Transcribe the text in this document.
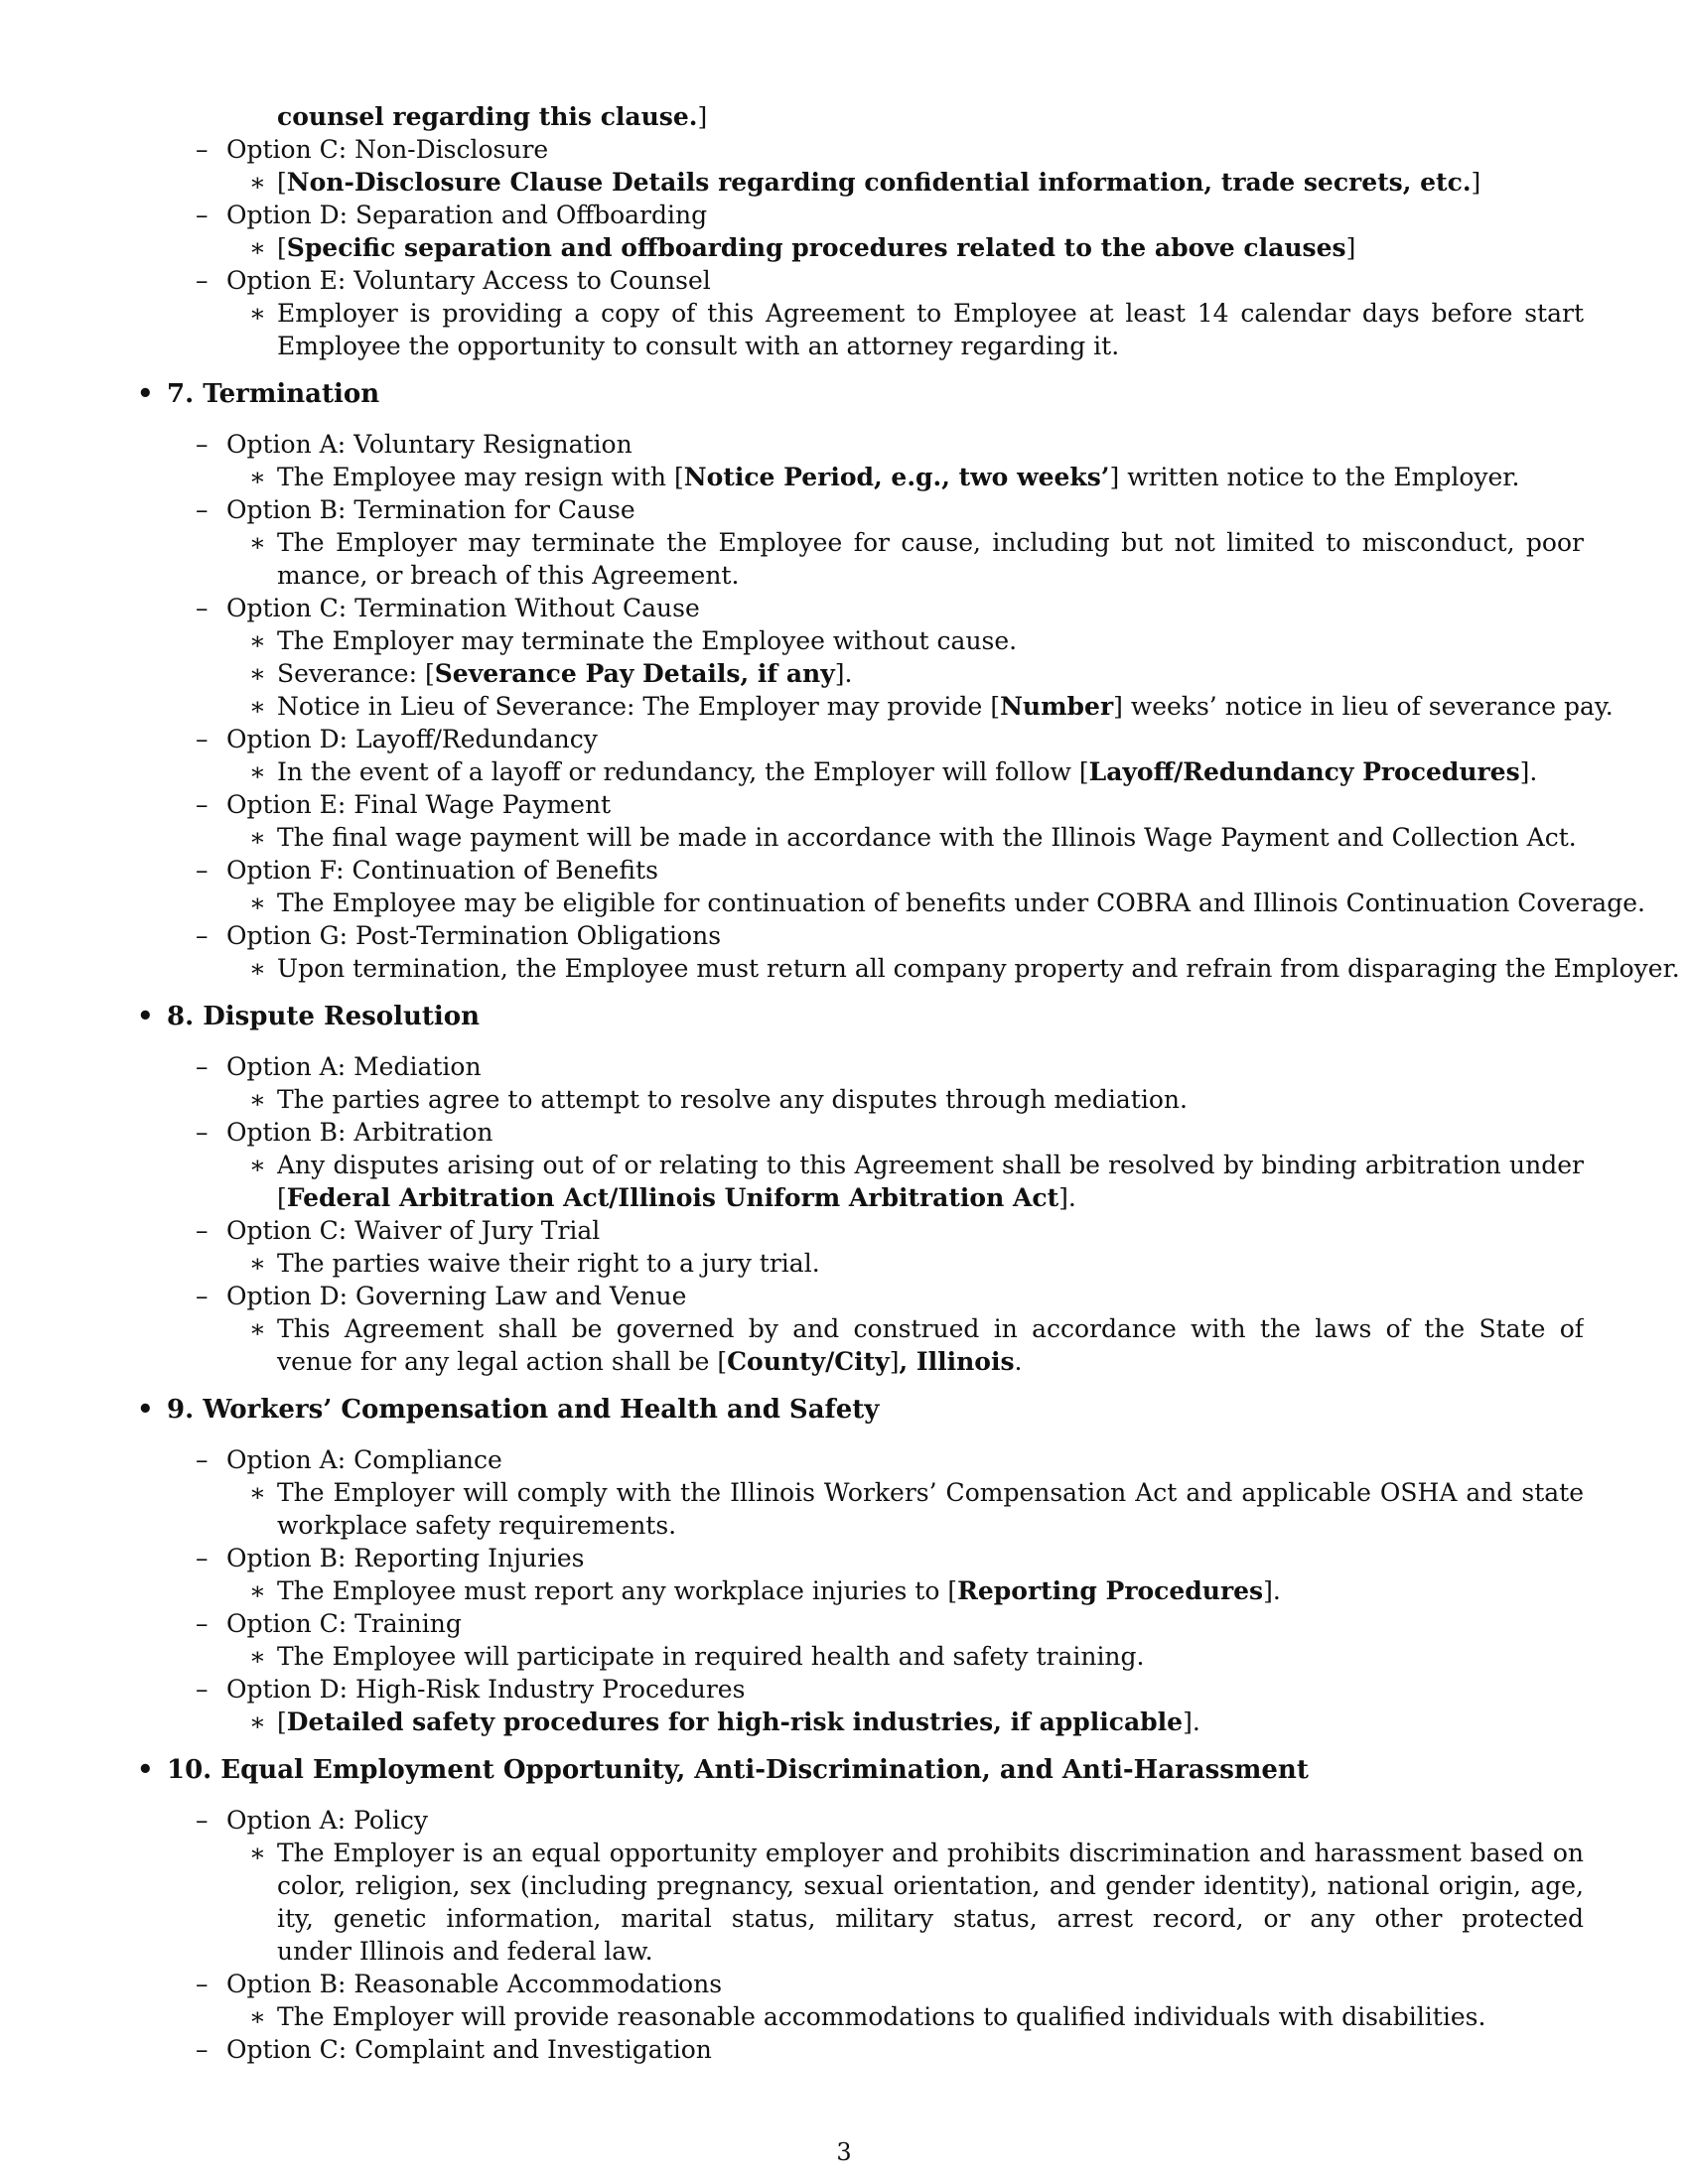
counsel regarding this clause.]
– Option C: Non-Disclosure
∗ [Non-Disclosure Clause Details regarding confidential information, trade secrets, etc.]
– Option D: Separation and Offboarding
∗ [Specific separation and offboarding procedures related to the above clauses]
– Option E: Voluntary Access to Counsel
∗ Employer is providing a copy of this Agreement to Employee at least 14 calendar days before start
Employee the opportunity to consult with an attorney regarding it.
• 7. Termination
– Option A: Voluntary Resignation
∗ The Employee may resign with [Notice Period, e.g., two weeks’] written notice to the Employer.
– Option B: Termination for Cause
∗ The Employer may terminate the Employee for cause, including but not limited to misconduct, poor
mance, or breach of this Agreement.
– Option C: Termination Without Cause
∗ The Employer may terminate the Employee without cause.
∗ Severance: [Severance Pay Details, if any].
∗ Notice in Lieu of Severance: The Employer may provide [Number] weeks’ notice in lieu of severance pay.
– Option D: Layoff/Redundancy
∗ In the event of a layoff or redundancy, the Employer will follow [Layoff/Redundancy Procedures].
– Option E: Final Wage Payment
∗ The final wage payment will be made in accordance with the Illinois Wage Payment and Collection Act.
– Option F: Continuation of Benefits
∗ The Employee may be eligible for continuation of benefits under COBRA and Illinois Continuation Coverage.
– Option G: Post-Termination Obligations
∗ Upon termination, the Employee must return all company property and refrain from disparaging the Employer.
• 8. Dispute Resolution
– Option A: Mediation
∗ The parties agree to attempt to resolve any disputes through mediation.
– Option B: Arbitration
∗ Any disputes arising out of or relating to this Agreement shall be resolved by binding arbitration under
[Federal Arbitration Act/Illinois Uniform Arbitration Act].
– Option C: Waiver of Jury Trial
∗ The parties waive their right to a jury trial.
– Option D: Governing Law and Venue
∗ This Agreement shall be governed by and construed in accordance with the laws of the State of
venue for any legal action shall be [County/City], Illinois.
• 9. Workers’ Compensation and Health and Safety
– Option A: Compliance
∗ The Employer will comply with the Illinois Workers’ Compensation Act and applicable OSHA and state
workplace safety requirements.
– Option B: Reporting Injuries
∗ The Employee must report any workplace injuries to [Reporting Procedures].
– Option C: Training
∗ The Employee will participate in required health and safety training.
– Option D: High-Risk Industry Procedures
∗ [Detailed safety procedures for high-risk industries, if applicable].
• 10. Equal Employment Opportunity, Anti-Discrimination, and Anti-Harassment
– Option A: Policy
∗ The Employer is an equal opportunity employer and prohibits discrimination and harassment based on
color, religion, sex (including pregnancy, sexual orientation, and gender identity), national origin, age,
ity, genetic information, marital status, military status, arrest record, or any other protected
under Illinois and federal law.
– Option B: Reasonable Accommodations
∗ The Employer will provide reasonable accommodations to qualified individuals with disabilities.
– Option C: Complaint and Investigation
3
